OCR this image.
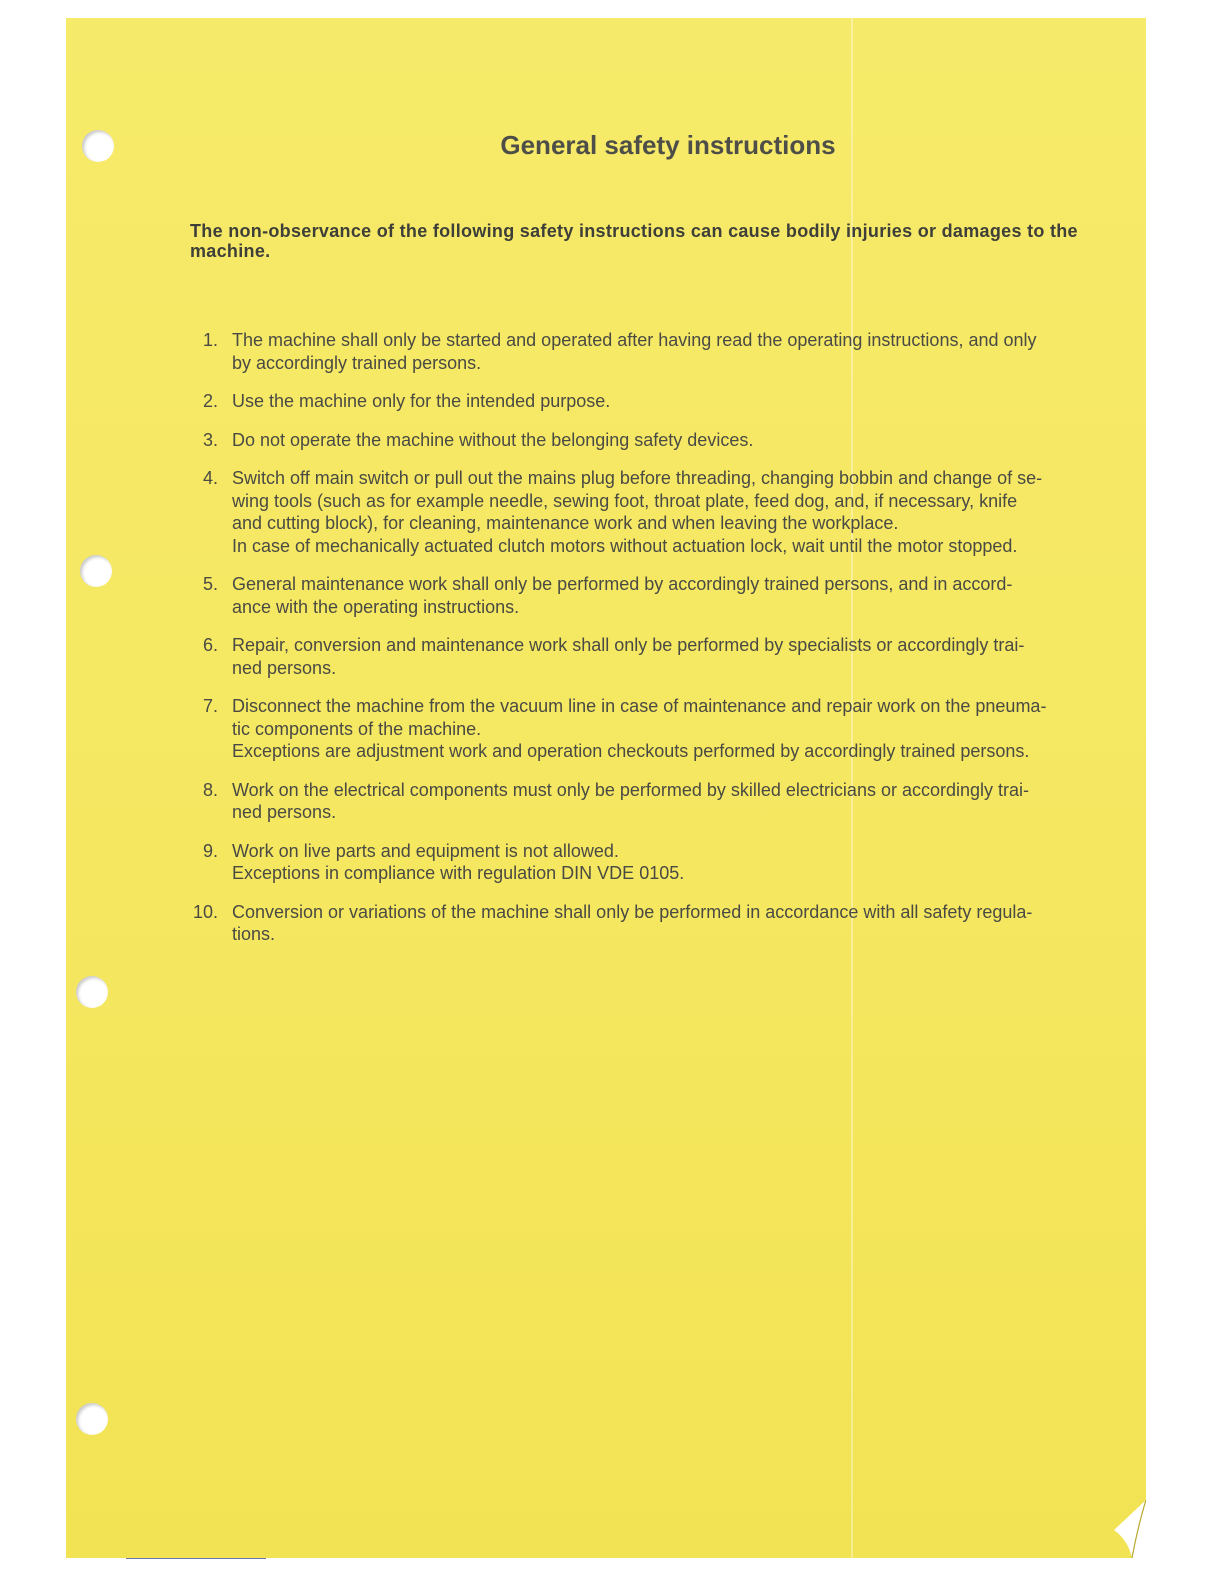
General safety instructions

The non-observance of the following safety instructions can cause bodily injuries or damages to the machine.

1. The machine shall only be started and operated after having read the operating instructions, and only
by accordingly trained persons.
2. Use the machine only for the intended purpose.
3. Do not operate the machine without the belonging safety devices.
4. Switch off main switch or pull out the mains plug before threading, changing bobbin and change of se-
wing tools (such as for example needle, sewing foot, throat plate, feed dog, and, if necessary, knife
and cutting block), for cleaning, maintenance work and when leaving the workplace.
In case of mechanically actuated clutch motors without actuation lock, wait until the motor stopped.
5. General maintenance work shall only be performed by accordingly trained persons, and in accord-
ance with the operating instructions.
6. Repair, conversion and maintenance work shall only be performed by specialists or accordingly trai-
ned persons.
7. Disconnect the machine from the vacuum line in case of maintenance and repair work on the pneuma-
tic components of the machine.
Exceptions are adjustment work and operation checkouts performed by accordingly trained persons.
8. Work on the electrical components must only be performed by skilled electricians or accordingly trai-
ned persons.
9. Work on live parts and equipment is not allowed.
Exceptions in compliance with regulation DIN VDE 0105.
10. Conversion or variations of the machine shall only be performed in accordance with all safety regula-
tions.
